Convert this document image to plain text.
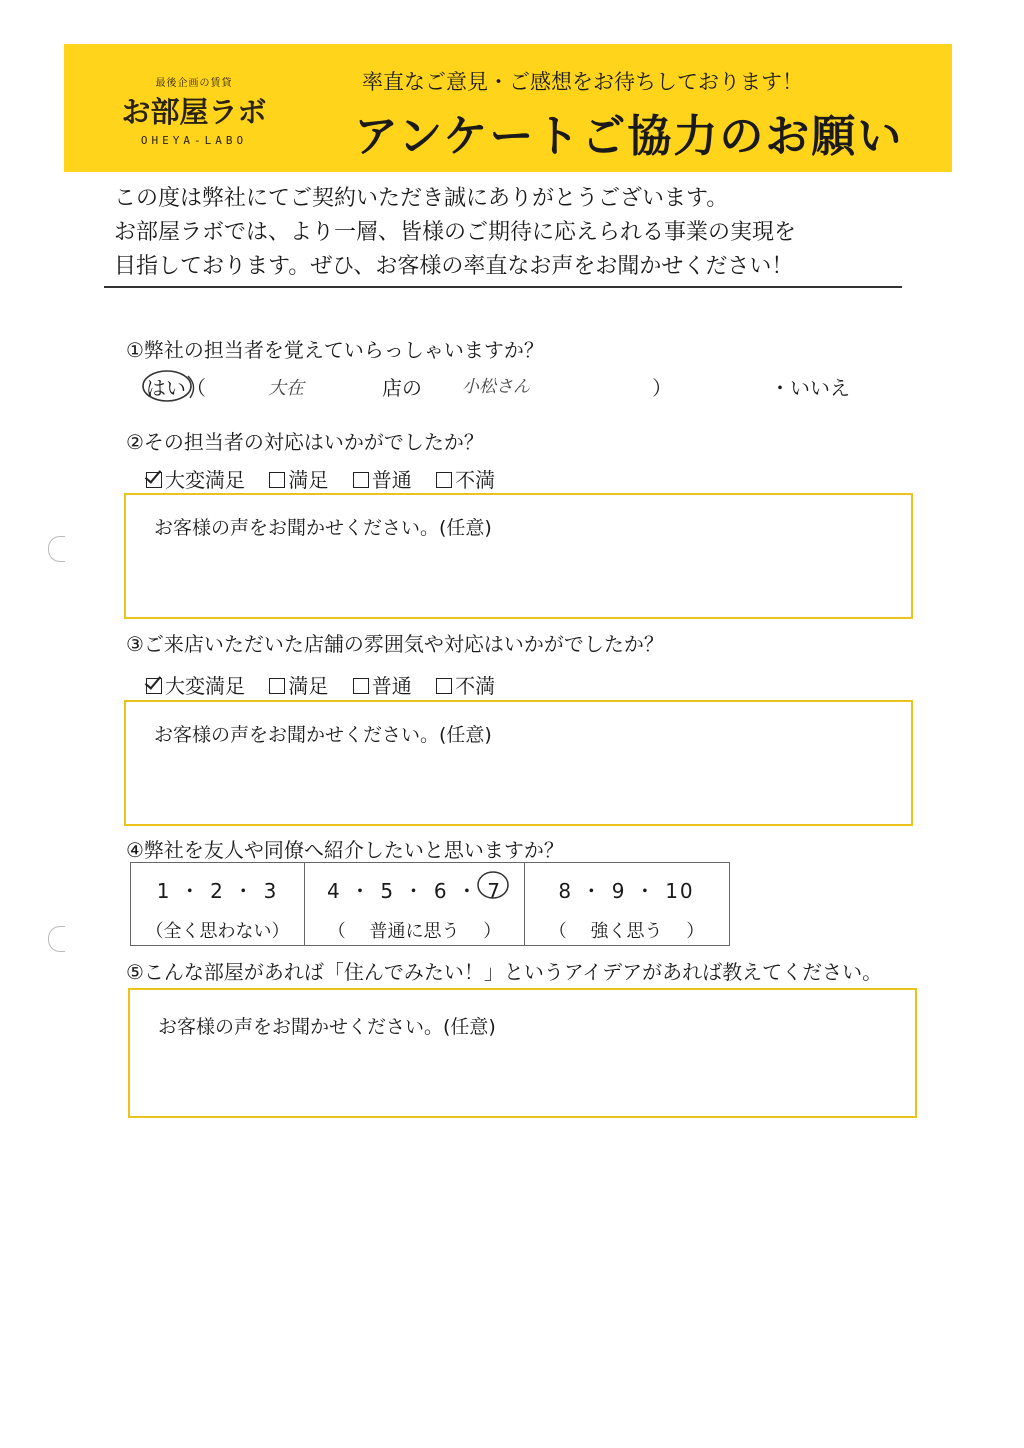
最後企画の賃貸
お部屋ラボ
OHEYA-LABO
率直なご意見・ご感想をお待ちしております！
アンケートご協力のお願い
この度は弊社にてご契約いただき誠にありがとうございます。
お部屋ラボでは、より一層、皆様のご期待に応えられる事業の実現を
目指しております。ぜひ、お客様の率直なお声をお聞かせください！
①弊社の担当者を覚えていらっしゃいますか？
はい （	大在	店の 小松さん	）	・いいえ
②その担当者の対応はいかがでしたか？
大変満足 満足 普通 不満
お客様の声をお聞かせください。(任意)
③ご来店いただいた店舗の雰囲気や対応はいかがでしたか？
大変満足 満足 普通 不満
お客様の声をお聞かせください。(任意)
④弊社を友人や同僚へ紹介したいと思いますか？
1 ・ 2 ・ 3
（全く思わない）
4 ・ 5 ・ 6 ・ 7
（　 普通に思う 　）
8 ・ 9 ・ 10
（　 強く思う 　）
⑤こんな部屋があれば「住んでみたい！」というアイデアがあれば教えてください。
お客様の声をお聞かせください。(任意)
